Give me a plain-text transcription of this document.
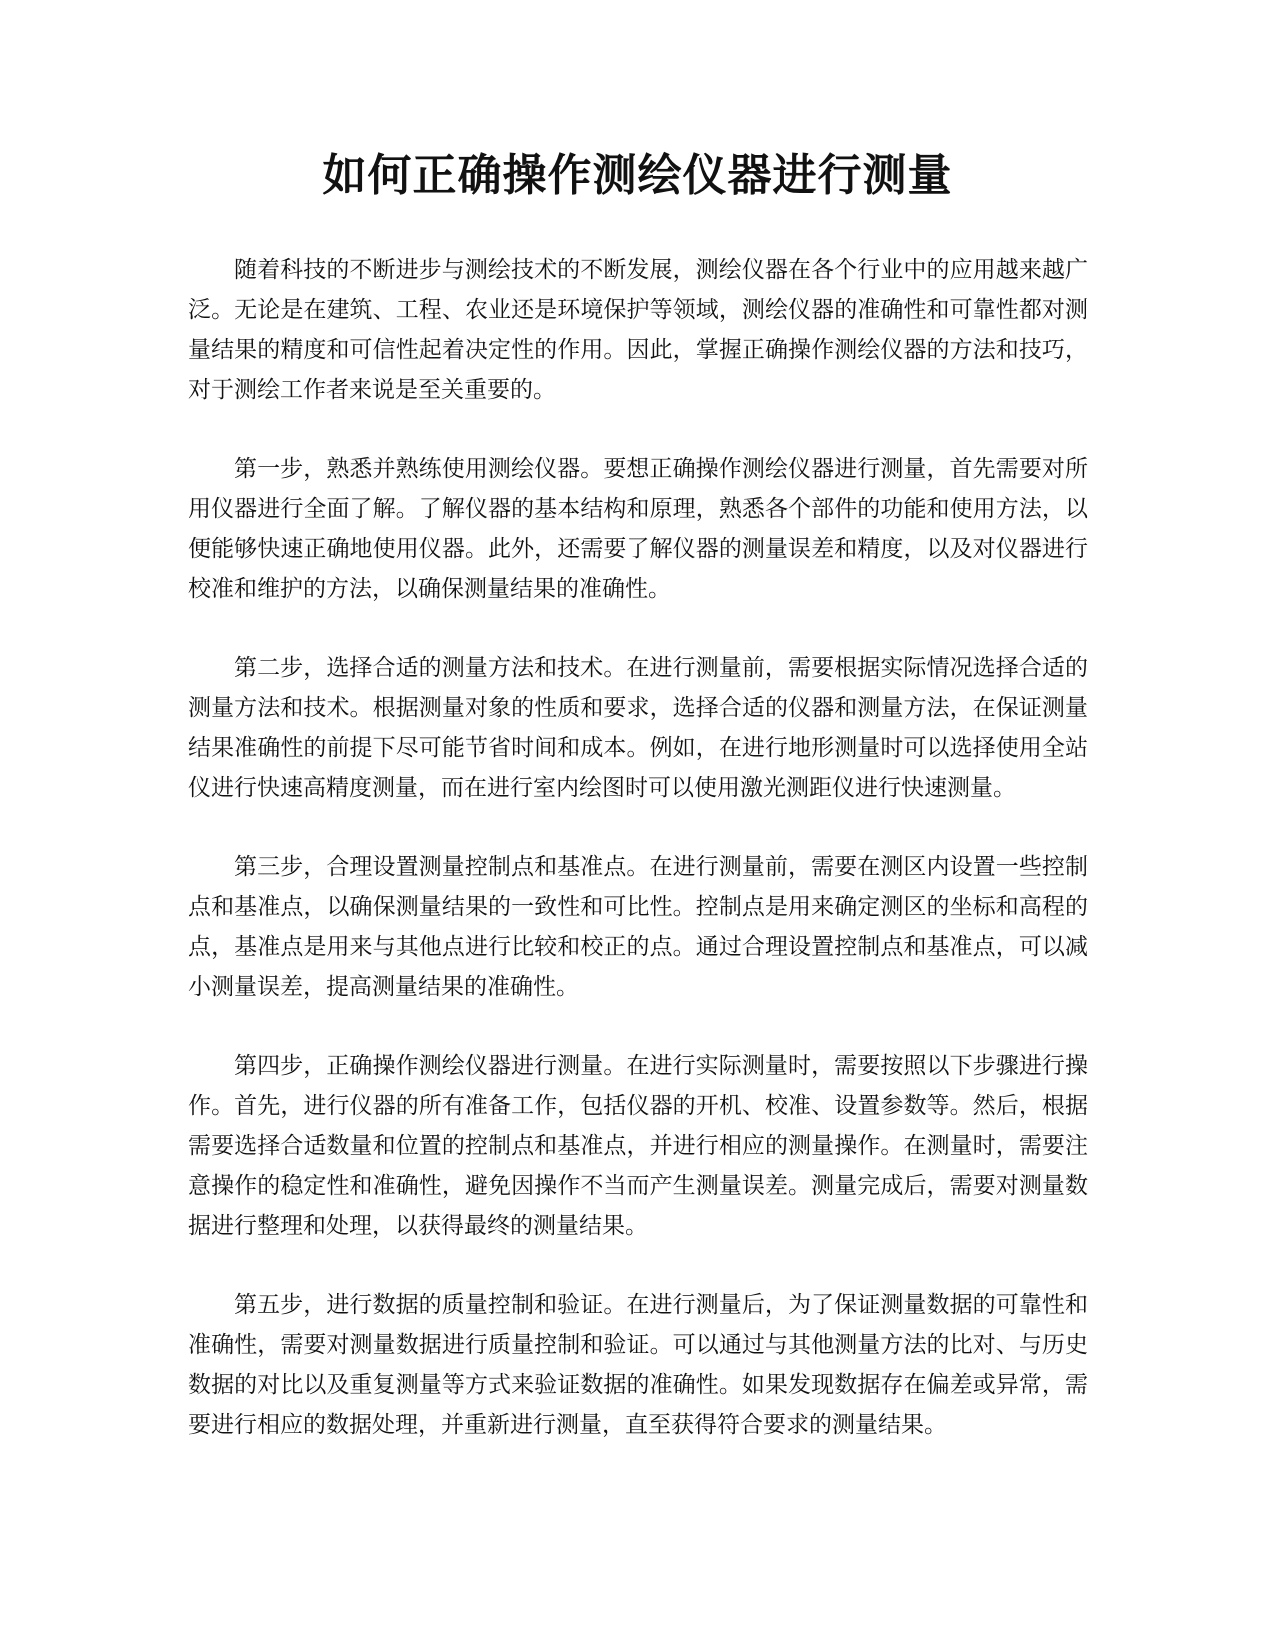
如何正确操作测绘仪器进行测量

随着科技的不断进步与测绘技术的不断发展，测绘仪器在各个行业中的应用越来越广泛。无论是在建筑、工程、农业还是环境保护等领域，测绘仪器的准确性和可靠性都对测量结果的精度和可信性起着决定性的作用。因此，掌握正确操作测绘仪器的方法和技巧，对于测绘工作者来说是至关重要的。

第一步，熟悉并熟练使用测绘仪器。要想正确操作测绘仪器进行测量，首先需要对所用仪器进行全面了解。了解仪器的基本结构和原理，熟悉各个部件的功能和使用方法，以便能够快速正确地使用仪器。此外，还需要了解仪器的测量误差和精度，以及对仪器进行校准和维护的方法，以确保测量结果的准确性。

第二步，选择合适的测量方法和技术。在进行测量前，需要根据实际情况选择合适的测量方法和技术。根据测量对象的性质和要求，选择合适的仪器和测量方法，在保证测量结果准确性的前提下尽可能节省时间和成本。例如，在进行地形测量时可以选择使用全站仪进行快速高精度测量，而在进行室内绘图时可以使用激光测距仪进行快速测量。

第三步，合理设置测量控制点和基准点。在进行测量前，需要在测区内设置一些控制点和基准点，以确保测量结果的一致性和可比性。控制点是用来确定测区的坐标和高程的点，基准点是用来与其他点进行比较和校正的点。通过合理设置控制点和基准点，可以减小测量误差，提高测量结果的准确性。

第四步，正确操作测绘仪器进行测量。在进行实际测量时，需要按照以下步骤进行操作。首先，进行仪器的所有准备工作，包括仪器的开机、校准、设置参数等。然后，根据需要选择合适数量和位置的控制点和基准点，并进行相应的测量操作。在测量时，需要注意操作的稳定性和准确性，避免因操作不当而产生测量误差。测量完成后，需要对测量数据进行整理和处理，以获得最终的测量结果。

第五步，进行数据的质量控制和验证。在进行测量后，为了保证测量数据的可靠性和准确性，需要对测量数据进行质量控制和验证。可以通过与其他测量方法的比对、与历史数据的对比以及重复测量等方式来验证数据的准确性。如果发现数据存在偏差或异常，需要进行相应的数据处理，并重新进行测量，直至获得符合要求的测量结果。
